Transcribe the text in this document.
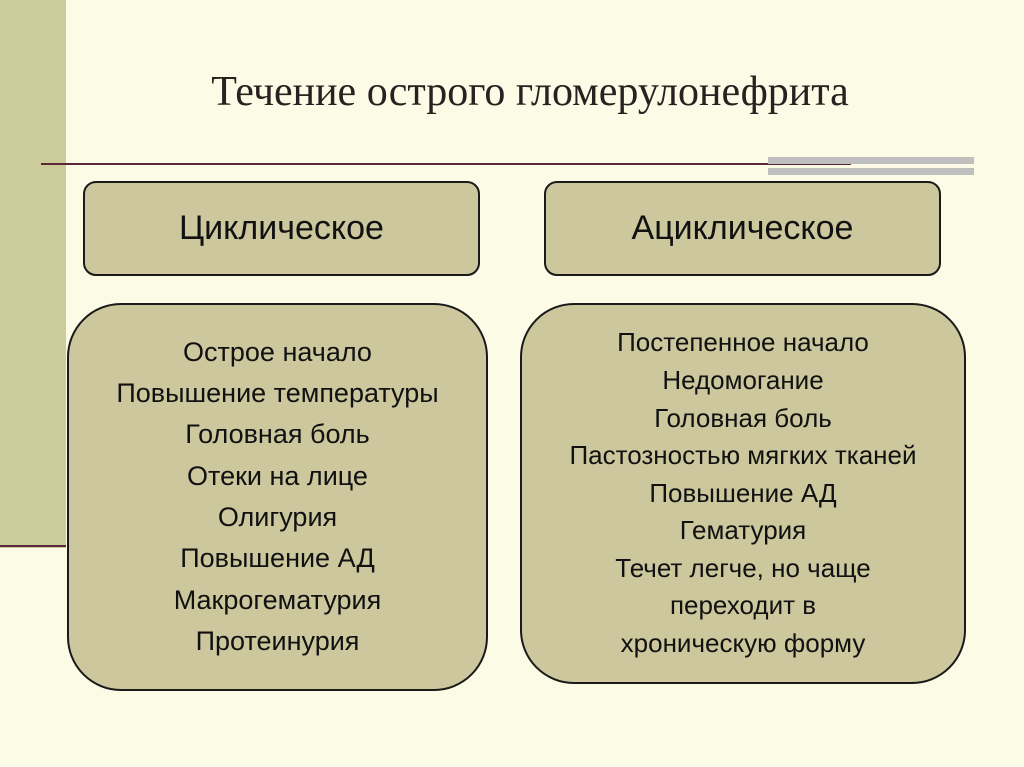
Течение острого гломерулонефрита
Циклическое	Ациклическое
Острое начало
Повышение температуры
Головная боль
Отеки на лице
Олигурия
Повышение АД
Макрогематурия
Протеинурия
Постепенное начало
Недомогание
Головная боль
Пастозностью мягких тканей
Повышение АД
Гематурия
Течет легче, но чаще
переходит в
хроническую форму
